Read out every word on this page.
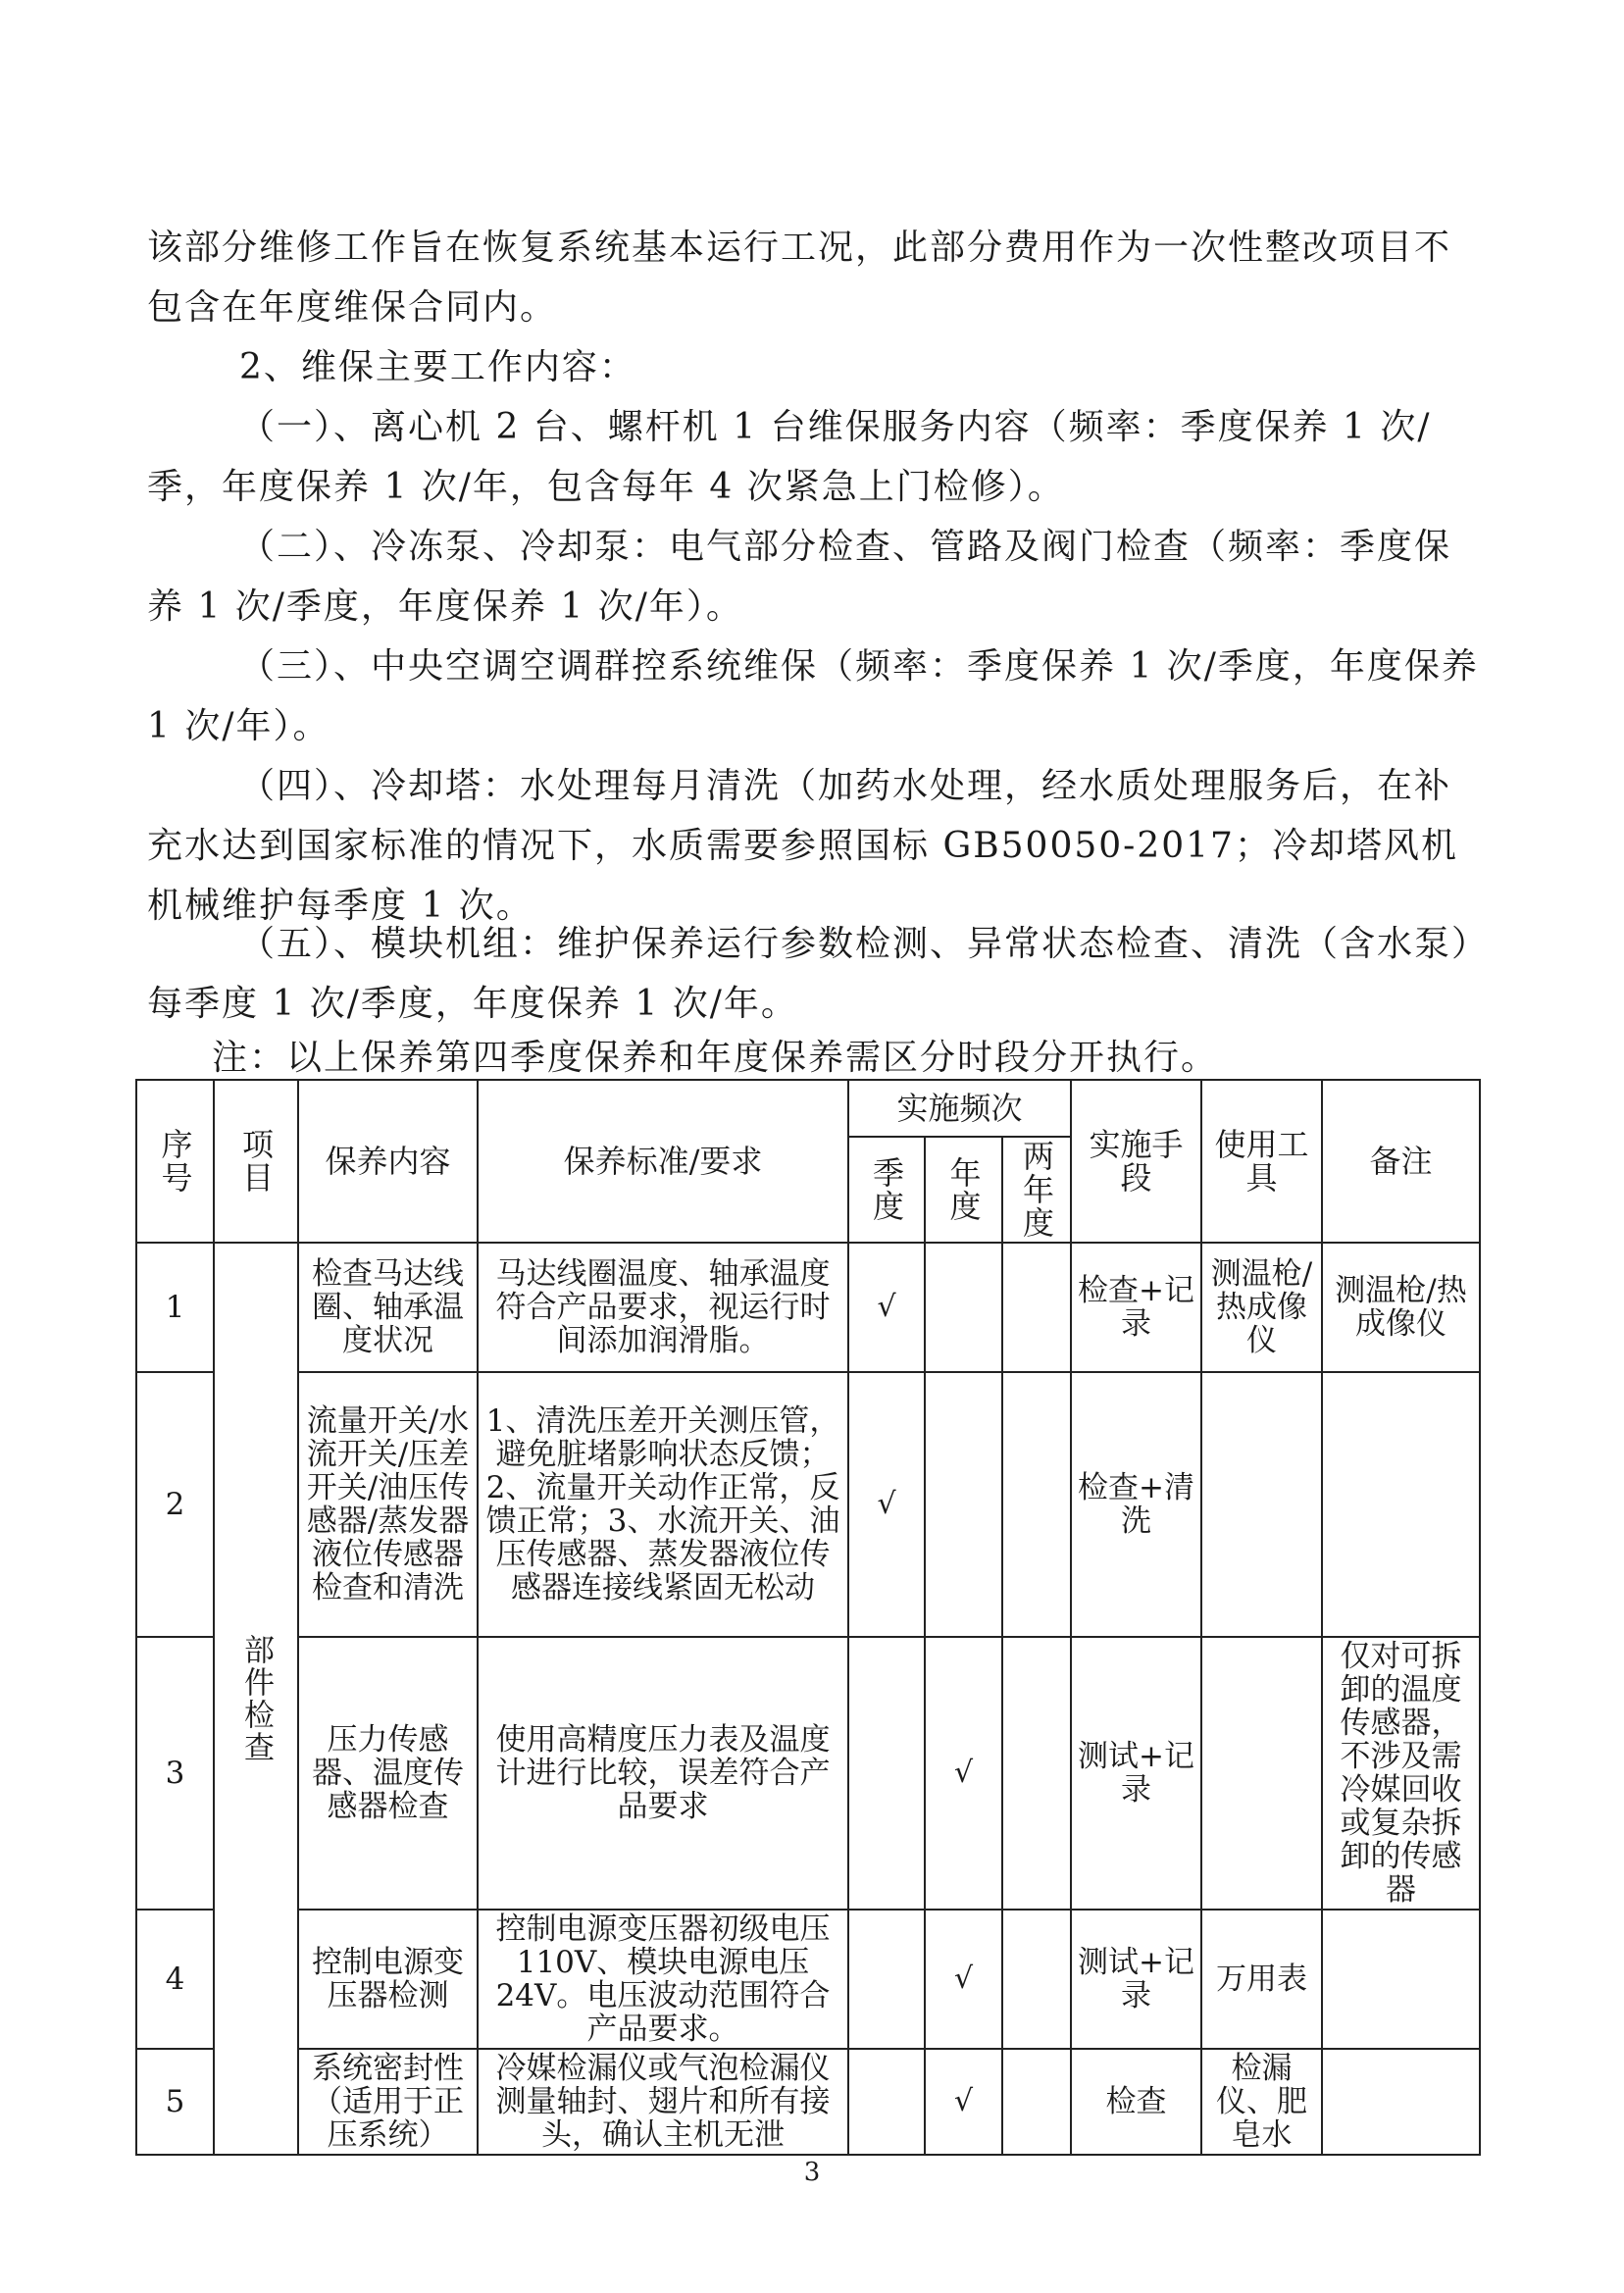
该部分维修工作旨在恢复系统基本运行工况，此部分费用作为一次性整改项目不包含在年度维保合同内。

2、维保主要工作内容：

（一）、离心机 2 台、螺杆机 1 台维保服务内容（频率：季度保养 1 次/季，年度保养 1 次/年，包含每年 4 次紧急上门检修）。

（二）、冷冻泵、冷却泵：电气部分检查、管路及阀门检查（频率：季度保养 1 次/季度，年度保养 1 次/年）。

（三）、中央空调空调群控系统维保（频率：季度保养 1 次/季度，年度保养 1 次/年）。

（四）、冷却塔：水处理每月清洗（加药水处理，经水质处理服务后，在补充水达到国家标准的情况下，水质需要参照国标 GB50050-2017；冷却塔风机机械维护每季度 1 次。

（五）、模块机组：维护保养运行参数检测、异常状态检查、清洗（含水泵）每季度 1 次/季度，年度保养 1 次/年。

注：以上保养第四季度保养和年度保养需区分时段分开执行。
序号	项目	保养内容	保养标准/要求	实施频次			实施手段	使用工具	备注

				季度	年度	两年度			

1	部件检查	检查马达线圈、轴承温度状况	马达线圈温度、轴承温度符合产品要求，视运行时间添加润滑脂。	√			检查+记录	测温枪/热成像仪	测温枪/热成像仪
2		流量开关/水流开关/压差开关/油压传感器/蒸发器液位传感器检查和清洗	1、清洗压差开关测压管，避免脏堵影响状态反馈；2、流量开关动作正常，反馈正常；3、水流开关、油压传感器、蒸发器液位传感器连接线紧固无松动	√			检查+清洗		
3		压力传感器、温度传感器检查	使用高精度压力表及温度计进行比较，误差符合产品要求		√		测试+记录		仅对可拆卸的温度传感器，不涉及需冷媒回收或复杂拆卸的传感器
4		控制电源变压器检测	控制电源变压器初级电压 110V、模块电源电压 24V。电压波动范围符合产品要求。		√		测试+记录	万用表	
5		系统密封性（适用于正压系统）	冷媒检漏仪或气泡检漏仪测量轴封、翅片和所有接头，确认主机无泄		√		检查	检漏仪、肥皂水	
3
